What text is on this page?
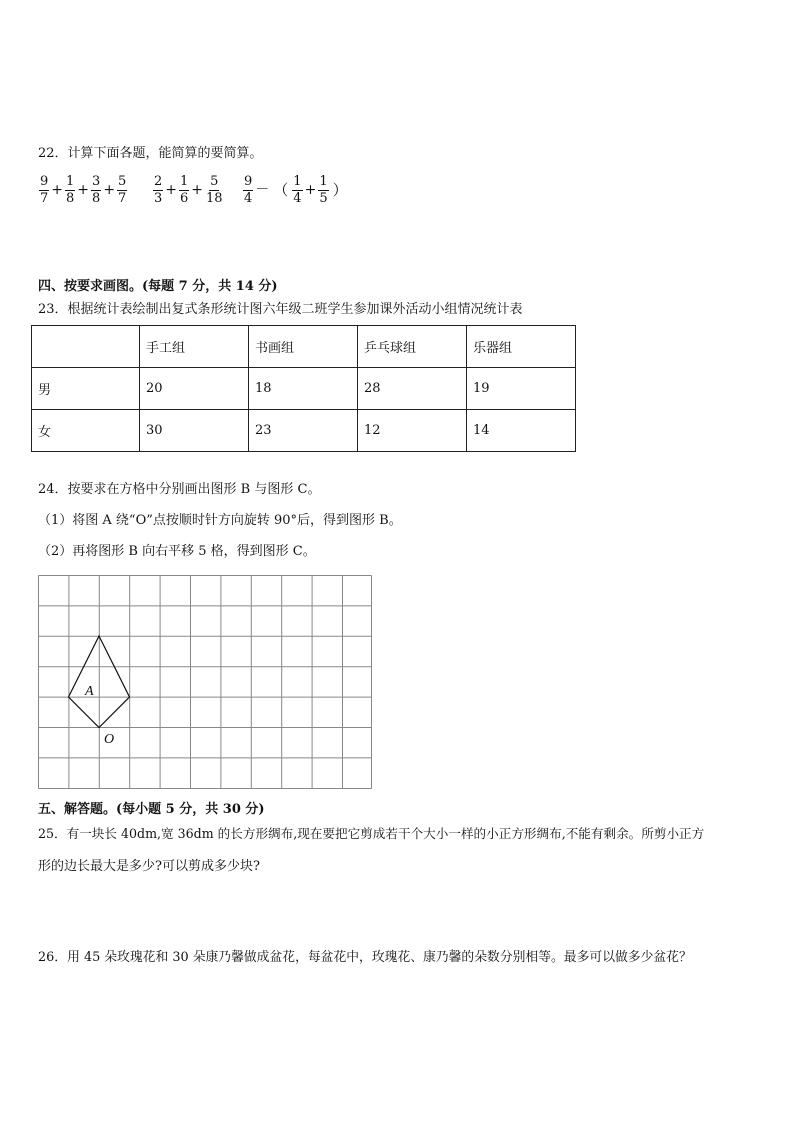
22．计算下面各题，能简算的要简算。
$\frac{9}{7} + \frac{1}{8} + \frac{3}{8} + \frac{5}{7} \frac{2}{3} + \frac{1}{6} + \frac{5}{18} \frac{9}{4}$ － （ $\frac{1}{4} + \frac{1}{5}$ ）
四、按要求画图。(每题 7 分，共 14 分)
23．根据统计表绘制出复式条形统计图六年级二班学生参加课外活动小组情况统计表
	手工组	书画组	乒乓球组	乐器组
男	20	18	28	19
女	30	23	12	14
24．按要求在方格中分别画出图形 B 与图形 C。
（1）将图 A 绕“O”点按顺时针方向旋转 90°后，得到图形 B。
（2）再将图形 B 向右平移 5 格，得到图形 C。
A
O
五、解答题。(每小题 5 分，共 30 分)
25．有一块长 40dm,宽 36dm 的长方形绸布,现在要把它剪成若干个大小一样的小正方形绸布,不能有剩余。所剪小正方
形的边长最大是多少?可以剪成多少块?
26．用 45 朵玫瑰花和 30 朵康乃馨做成盆花，每盆花中，玫瑰花、康乃馨的朵数分别相等。最多可以做多少盆花？
